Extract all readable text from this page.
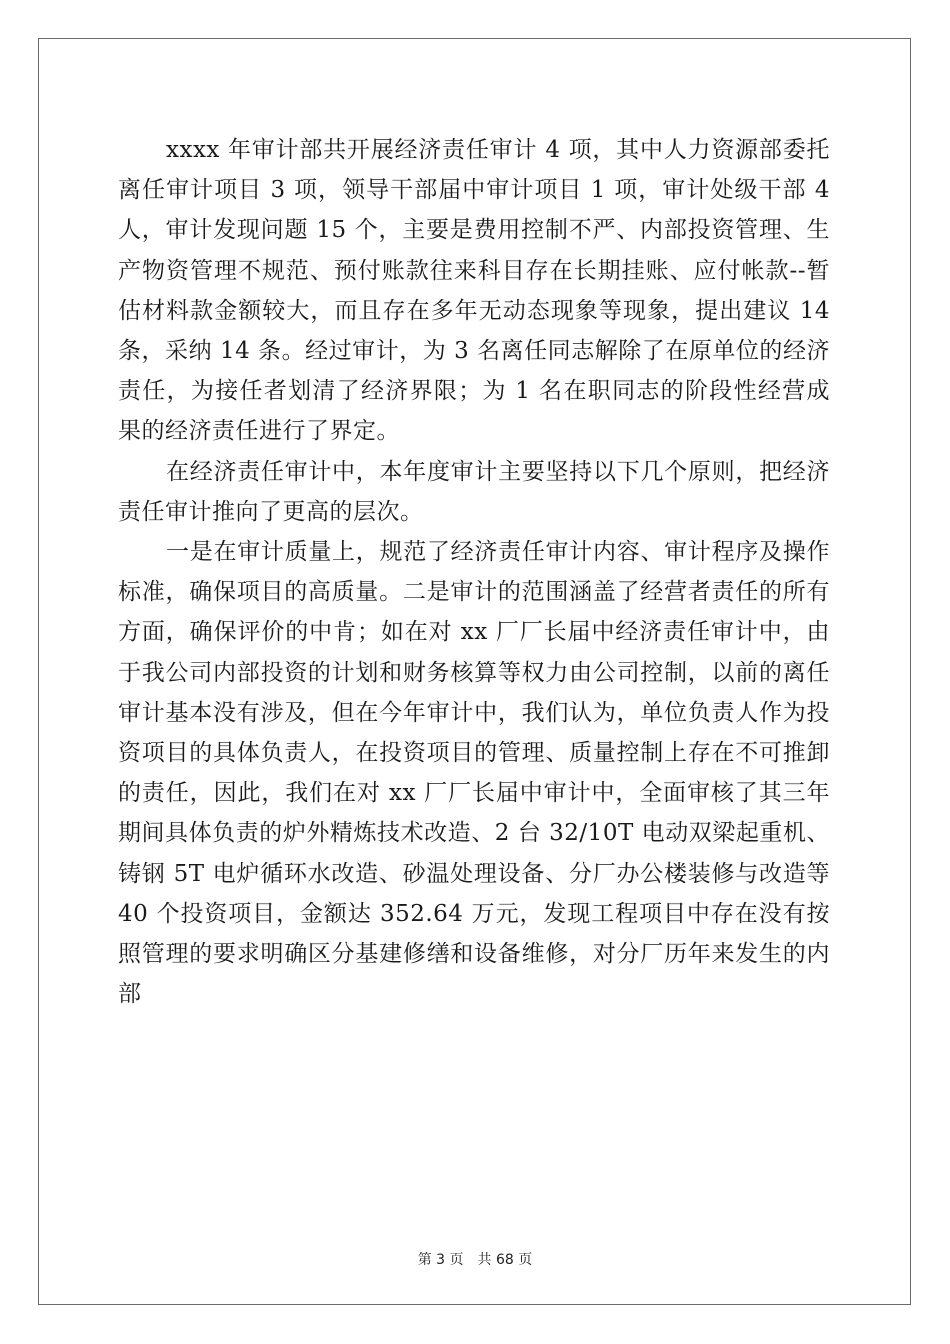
xxxx 年审计部共开展经济责任审计 4 项，其中人力资源部委托离任审计项目 3 项，领导干部届中审计项目 1 项，审计处级干部 4 人，审计发现问题 15 个，主要是费用控制不严、内部投资管理、生产物资管理不规范、预付账款往来科目存在长期挂账、应付帐款--暂估材料款金额较大，而且存在多年无动态现象等现象，提出建议 14 条，采纳 14 条。经过审计，为 3 名离任同志解除了在原单位的经济责任，为接任者划清了经济界限；为 1 名在职同志的阶段性经营成果的经济责任进行了界定。

在经济责任审计中，本年度审计主要坚持以下几个原则，把经济责任审计推向了更高的层次。

一是在审计质量上，规范了经济责任审计内容、审计程序及操作标准，确保项目的高质量。二是审计的范围涵盖了经营者责任的所有方面，确保评价的中肯；如在对 xx 厂厂长届中经济责任审计中，由于我公司内部投资的计划和财务核算等权力由公司控制，以前的离任审计基本没有涉及，但在今年审计中，我们认为，单位负责人作为投资项目的具体负责人，在投资项目的管理、质量控制上存在不可推卸的责任，因此，我们在对 xx 厂厂长届中审计中，全面审核了其三年期间具体负责的炉外精炼技术改造、2 台 32/10T 电动双梁起重机、铸钢 5T 电炉循环水改造、砂温处理设备、分厂办公楼装修与改造等 40 个投资项目，金额达 352.64 万元，发现工程项目中存在没有按照管理的要求明确区分基建修缮和设备维修，对分厂历年来发生的内部

第 3 页 共 68 页
